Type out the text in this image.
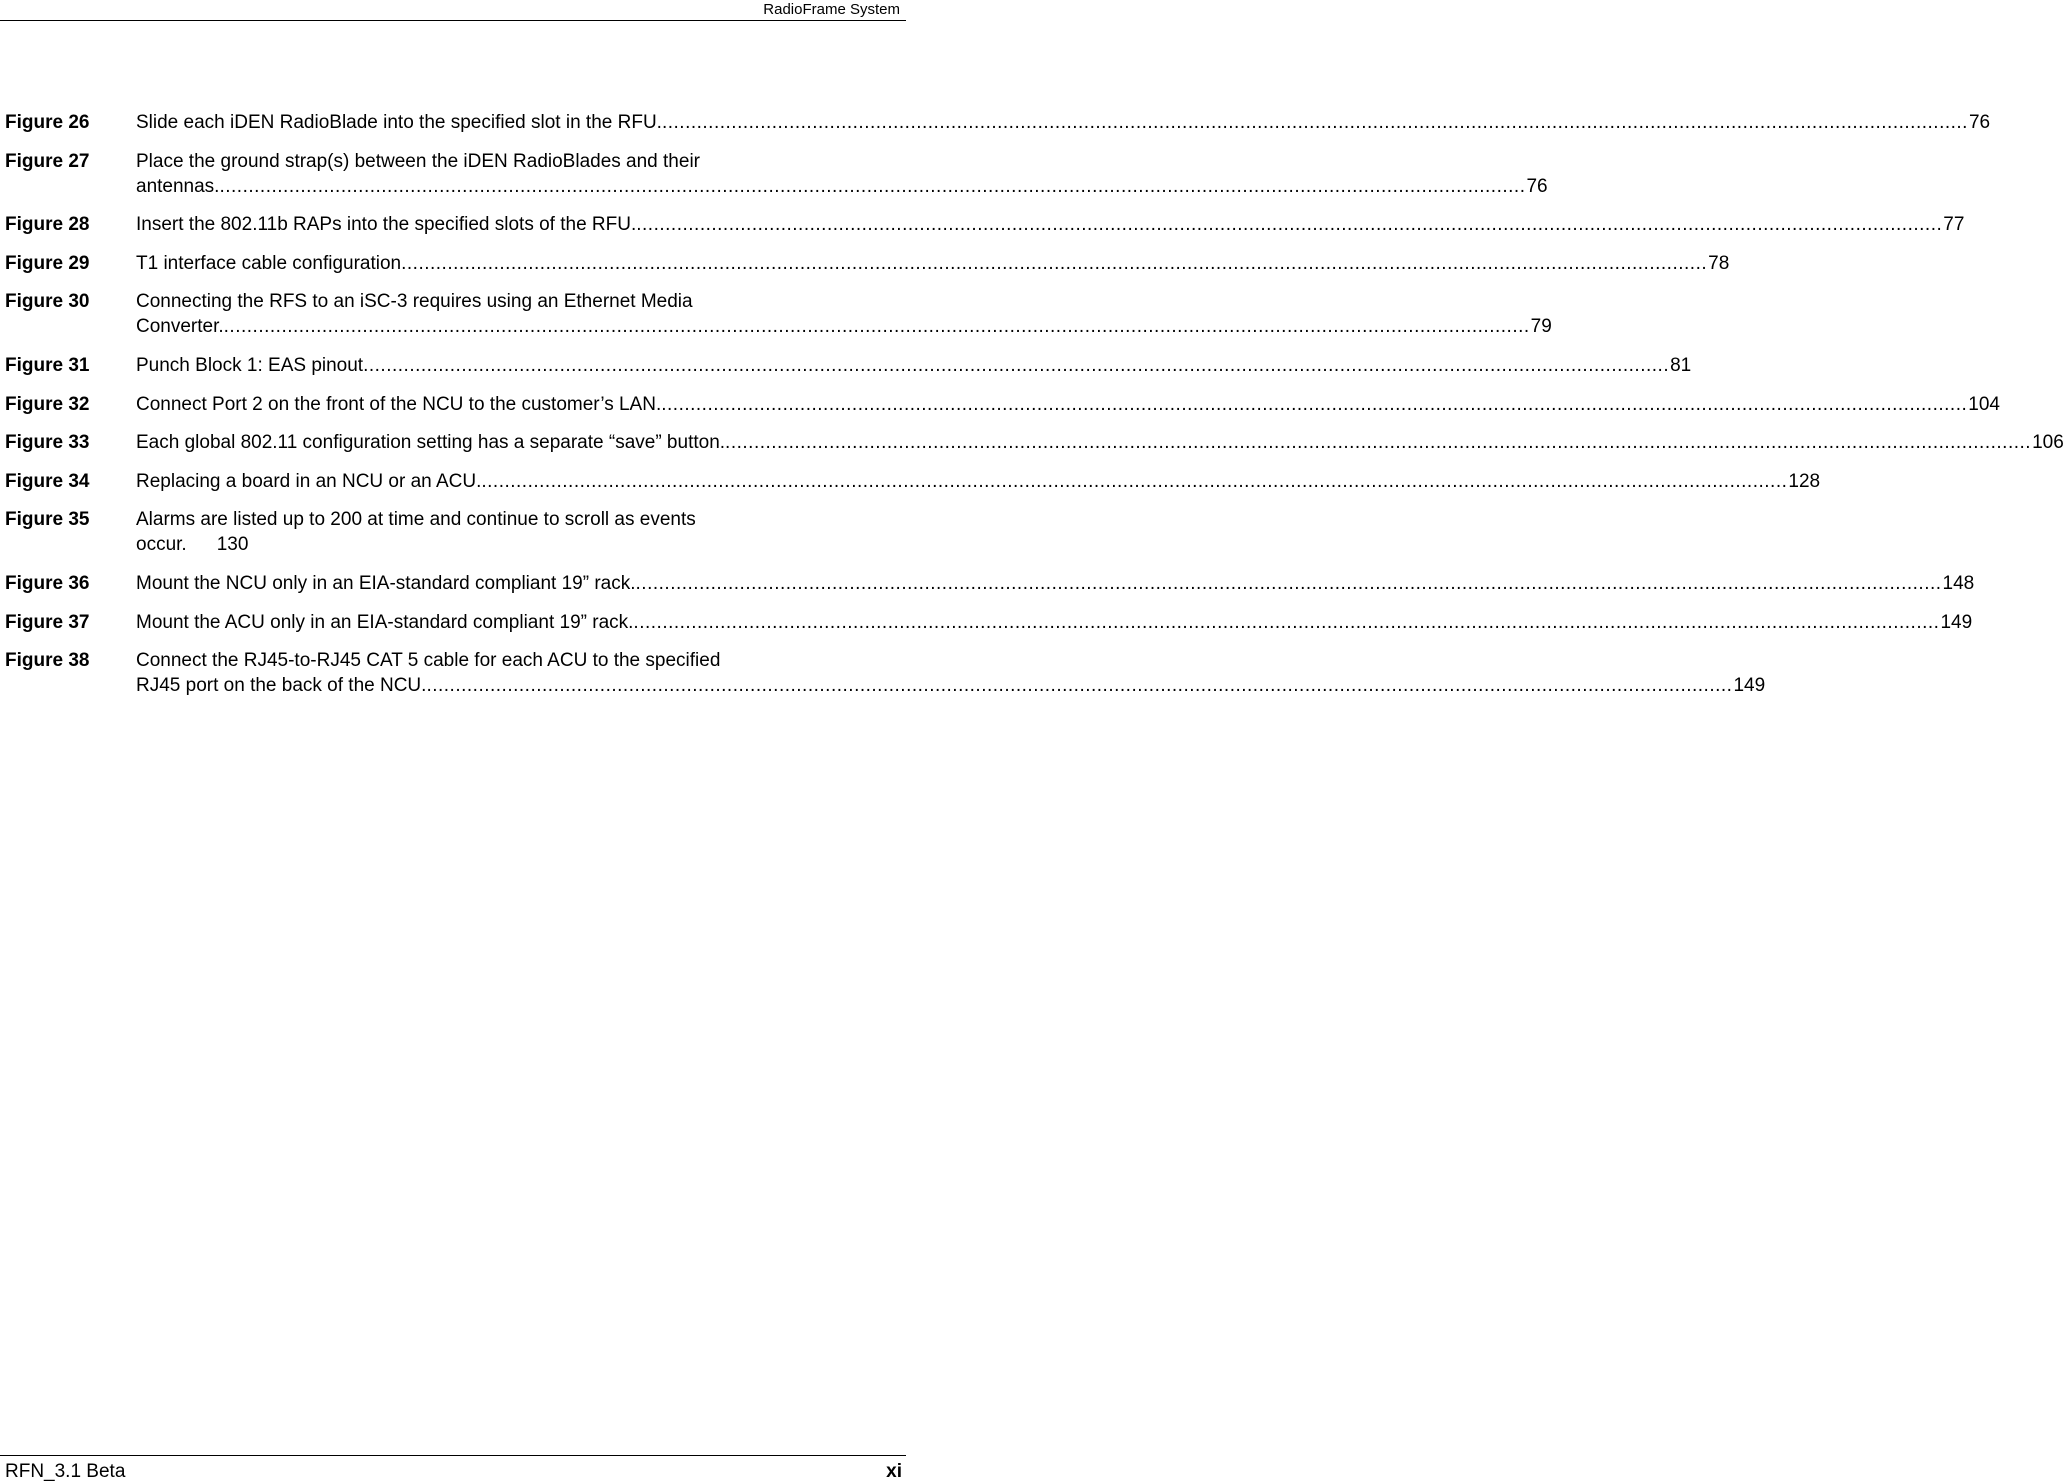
RadioFrame System
Figure 26	Slide each iDEN RadioBlade into the specified slot in the RFU. .....	76
Figure 27	Place the ground strap(s) between the iDEN RadioBlades and their
antennas. .....	76
Figure 28	Insert the 802.11b RAPs into the specified slots of the RFU. .....	77
Figure 29	T1 interface cable configuration .....	78
Figure 30	Connecting the RFS to an iSC-3 requires using an Ethernet Media
Converter. .....	79
Figure 31	Punch Block 1: EAS pinout .....	81
Figure 32	Connect Port 2 on the front of the NCU to the customer’s LAN. .....	104
Figure 33	Each global 802.11 configuration setting has a separate “save” button. .....	106
Figure 34	Replacing a board in an NCU or an ACU. .....	128
Figure 35	Alarms are listed up to 200 at time and continue to scroll as events
occur. 130
Figure 36	Mount the NCU only in an EIA-standard compliant 19” rack. .....	148
Figure 37	Mount the ACU only in an EIA-standard compliant 19” rack. .....	149
Figure 38	Connect the RJ45-to-RJ45 CAT 5 cable for each ACU to the specified
RJ45 port on the back of the NCU. .....	149
RFN_3.1 Beta	xi
